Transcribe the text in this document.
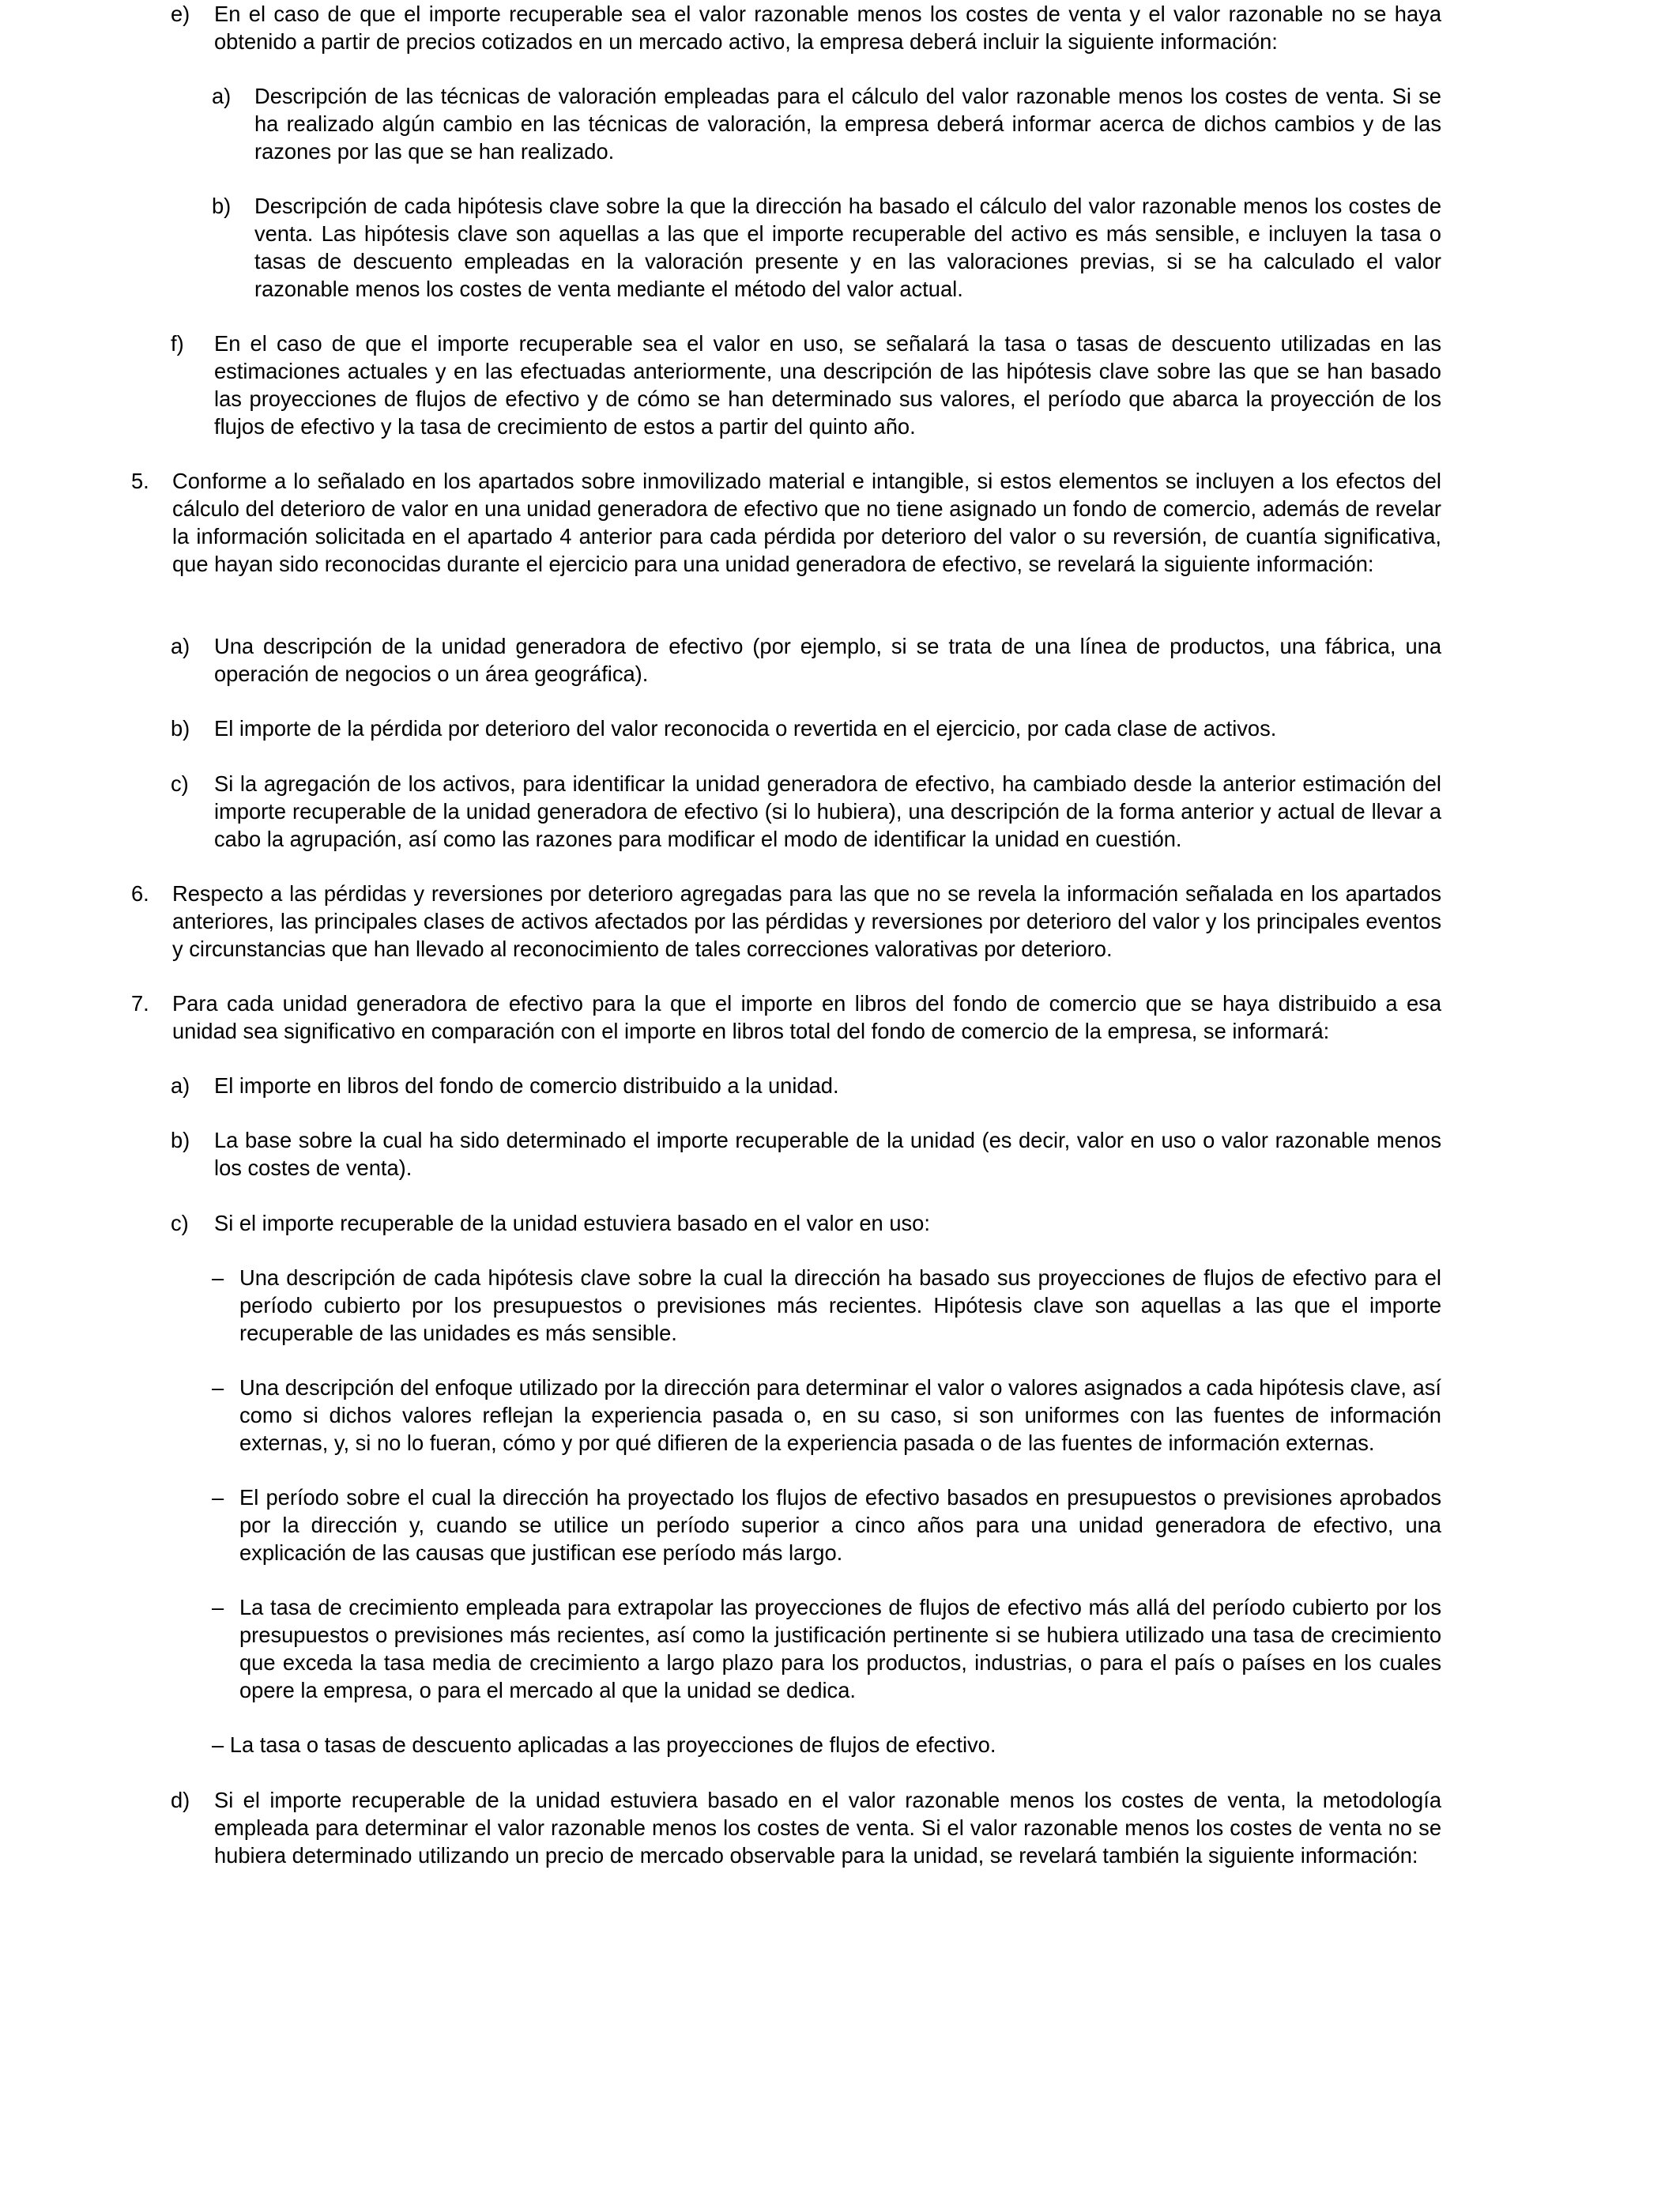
e) En el caso de que el importe recuperable sea el valor razonable menos los costes de venta y el valor razonable no se haya obtenido a partir de precios cotizados en un mercado activo, la empresa deberá incluir la siguiente información:

a) Descripción de las técnicas de valoración empleadas para el cálculo del valor razonable menos los costes de venta. Si se ha realizado algún cambio en las técnicas de valoración, la empresa deberá informar acerca de dichos cambios y de las razones por las que se han realizado.

b) Descripción de cada hipótesis clave sobre la que la dirección ha basado el cálculo del valor razonable menos los costes de venta. Las hipótesis clave son aquellas a las que el importe recuperable del activo es más sensible, e incluyen la tasa o tasas de descuento empleadas en la valoración presente y en las valoraciones previas, si se ha calculado el valor razonable menos los costes de venta mediante el método del valor actual.

f) En el caso de que el importe recuperable sea el valor en uso, se señalará la tasa o tasas de descuento utilizadas en las estimaciones actuales y en las efectuadas anteriormente, una descripción de las hipótesis clave sobre las que se han basado las proyecciones de flujos de efectivo y de cómo se han determinado sus valores, el período que abarca la proyección de los flujos de efectivo y la tasa de crecimiento de estos a partir del quinto año.

5. Conforme a lo señalado en los apartados sobre inmovilizado material e intangible, si estos elementos se incluyen a los efectos del cálculo del deterioro de valor en una unidad generadora de efectivo que no tiene asignado un fondo de comercio, además de revelar la información solicitada en el apartado 4 anterior para cada pérdida por deterioro del valor o su reversión, de cuantía significativa, que hayan sido reconocidas durante el ejercicio para una unidad generadora de efectivo, se revelará la siguiente información:

a) Una descripción de la unidad generadora de efectivo (por ejemplo, si se trata de una línea de productos, una fábrica, una operación de negocios o un área geográfica).

b) El importe de la pérdida por deterioro del valor reconocida o revertida en el ejercicio, por cada clase de activos.

c) Si la agregación de los activos, para identificar la unidad generadora de efectivo, ha cambiado desde la anterior estimación del importe recuperable de la unidad generadora de efectivo (si lo hubiera), una descripción de la forma anterior y actual de llevar a cabo la agrupación, así como las razones para modificar el modo de identificar la unidad en cuestión.

6. Respecto a las pérdidas y reversiones por deterioro agregadas para las que no se revela la información señalada en los apartados anteriores, las principales clases de activos afectados por las pérdidas y reversiones por deterioro del valor y los principales eventos y circunstancias que han llevado al reconocimiento de tales correcciones valorativas por deterioro.

7. Para cada unidad generadora de efectivo para la que el importe en libros del fondo de comercio que se haya distribuido a esa unidad sea significativo en comparación con el importe en libros total del fondo de comercio de la empresa, se informará:

a) El importe en libros del fondo de comercio distribuido a la unidad.

b) La base sobre la cual ha sido determinado el importe recuperable de la unidad (es decir, valor en uso o valor razonable menos los costes de venta).

c) Si el importe recuperable de la unidad estuviera basado en el valor en uso:

– Una descripción de cada hipótesis clave sobre la cual la dirección ha basado sus proyecciones de flujos de efectivo para el período cubierto por los presupuestos o previsiones más recientes. Hipótesis clave son aquellas a las que el importe recuperable de las unidades es más sensible.

– Una descripción del enfoque utilizado por la dirección para determinar el valor o valores asignados a cada hipótesis clave, así como si dichos valores reflejan la experiencia pasada o, en su caso, si son uniformes con las fuentes de información externas, y, si no lo fueran, cómo y por qué difieren de la experiencia pasada o de las fuentes de información externas.

– El período sobre el cual la dirección ha proyectado los flujos de efectivo basados en presupuestos o previsiones aprobados por la dirección y, cuando se utilice un período superior a cinco años para una unidad generadora de efectivo, una explicación de las causas que justifican ese período más largo.

– La tasa de crecimiento empleada para extrapolar las proyecciones de flujos de efectivo más allá del período cubierto por los presupuestos o previsiones más recientes, así como la justificación pertinente si se hubiera utilizado una tasa de crecimiento que exceda la tasa media de crecimiento a largo plazo para los productos, industrias, o para el país o países en los cuales opere la empresa, o para el mercado al que la unidad se dedica.

– La tasa o tasas de descuento aplicadas a las proyecciones de flujos de efectivo.

d) Si el importe recuperable de la unidad estuviera basado en el valor razonable menos los costes de venta, la metodología empleada para determinar el valor razonable menos los costes de venta. Si el valor razonable menos los costes de venta no se hubiera determinado utilizando un precio de mercado observable para la unidad, se revelará también la siguiente información:
